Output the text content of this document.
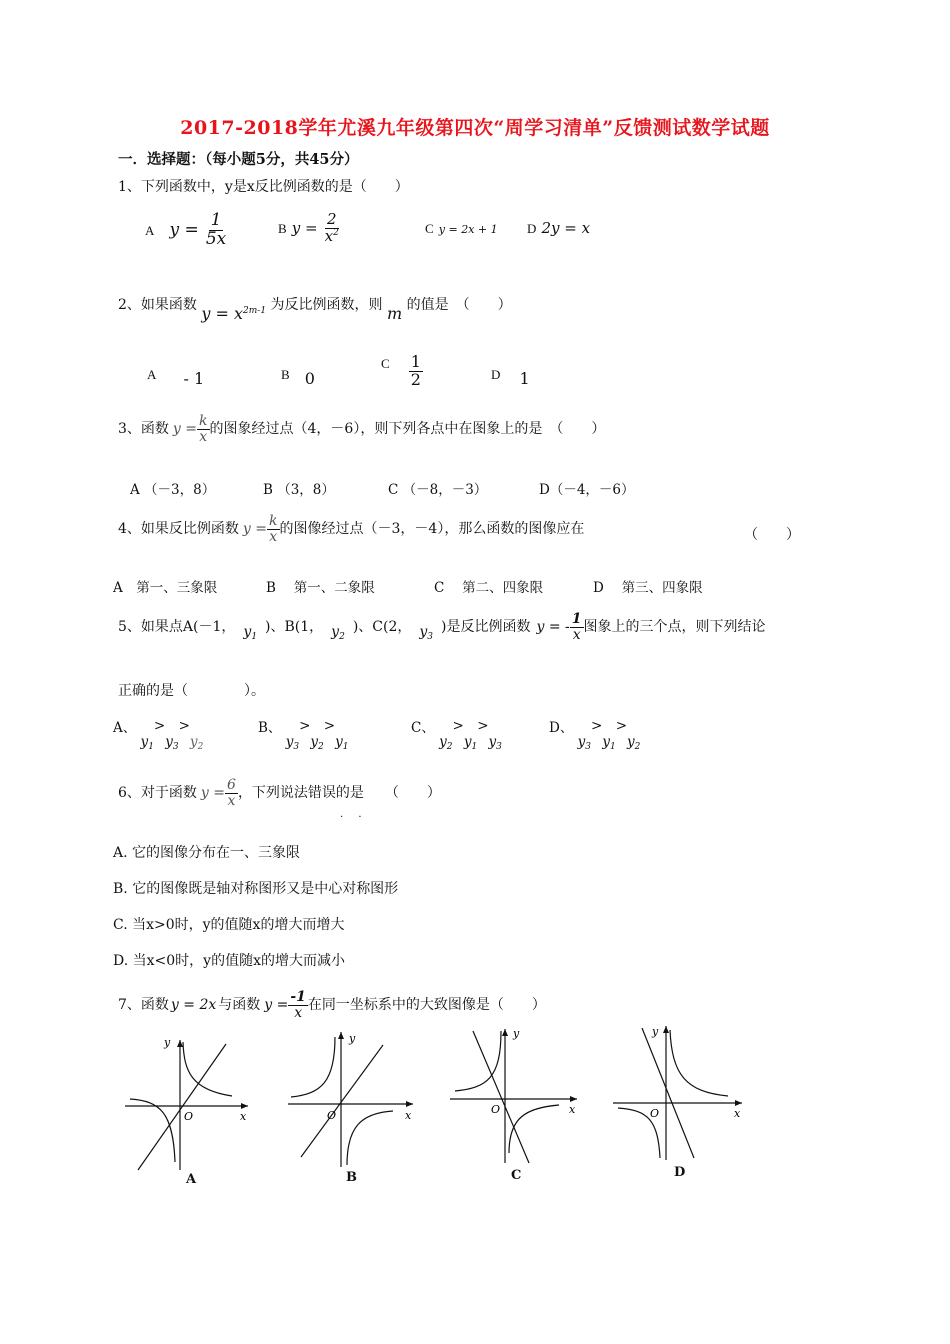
2017-2018学年尤溪九年级第四次“周学习清单”反馈测试数学试题
一．选择题：（每小题5分，共45分）
1、下列函数中，y是x反比例函数的是（　　）
A $y = \frac{1}{5x}$	B $y = \frac{2}{x^2}$	C y = 2x + 1 D 2y = x
2、如果函数 $y = x^{2m-1}$ 为反比例函数，则 m 的值是　（　　）
A - 1	B 0
$^C \frac{1}{2}$	D 1
3、函数 $y = \frac{k}{x}$ 的图象经过点（4，－6），则下列各点中在图象上的是　（　　）
A （－3，8）	B （3，8）	C （－8，－3）	D（－4，－6）
4、如果反比例函数 $y = \frac{k}{x}$ 的图像经过点（－3，－4），那么函数的图像应在	（　　）
A　第一、三象限	B　 第一、二象限	C　 第二、四象限	D　 第三、四象限
5、如果点A(－1， $y_1$)、B(1， $y_2$)、C(2， $y_3$)是反比例函数 y = - $\frac{1}{x}$ 图象上的三个点，则下列结论
正确的是（　　　　）。
A、 $y_1>y_3>y_2$
B、 $y_3>y_2>y_1$
C、 $y_2>y_1>y_3$
D、 $y_3>y_1>y_2$
6、对于函数 $y = \frac{6}{x}$ ，下列说法错误的是　　（　　）
· ·
A. 它的图像分布在一、三象限
B. 它的图像既是轴对称图形又是中心对称图形
C. 当x>0时，y的值随x的增大而增大
D. 当x<0时，y的值随x的增大而减小
7、函数 y = 2x 与函数 $y = \frac{-1}{x}$ 在同一坐标系中的大致图像是（　　）
y
x
O
A
y
x
O
B
y
x
O
C
y
x
O
D
